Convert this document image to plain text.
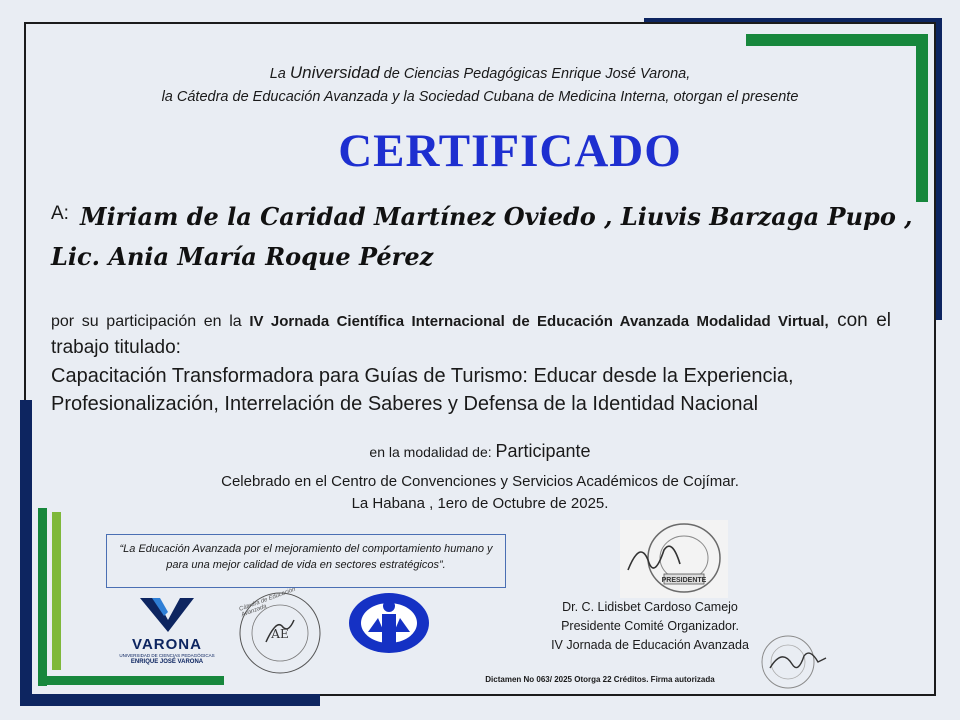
La Universidad de Ciencias Pedagógicas Enrique José Varona,
la Cátedra de Educación Avanzada y la Sociedad Cubana de Medicina Interna, otorgan el presente
CERTIFICADO
A: Miriam de la Caridad Martínez Oviedo , Liuvis Barzaga Pupo ,
Lic. Ania María Roque Pérez
por su participación en la IV Jornada Científica Internacional de Educación Avanzada Modalidad Virtual, con el trabajo titulado:
Capacitación Transformadora para Guías de Turismo: Educar desde la Experiencia, Profesionalización, Interrelación de Saberes y Defensa de la Identidad Nacional
en la modalidad de: Participante
Celebrado en el Centro de Convenciones y Servicios Académicos de Cojímar.
La Habana , 1ero de Octubre de 2025.
“La Educación Avanzada por el mejoramiento del comportamiento humano y para una mejor calidad de vida en sectores estratégicos”.
VARONA
UNIVERSIDAD DE CIENCIAS PEDAGÓGICAS
ENRIQUE JOSÉ VARONA
AE
Cátedra de Educación Avanzada
PRESIDENTE
Dr. C. Lidisbet Cardoso Camejo
Presidente Comité Organizador.
IV Jornada de Educación Avanzada
Dictamen No 063/ 2025 Otorga 22 Créditos. Firma autorizada
